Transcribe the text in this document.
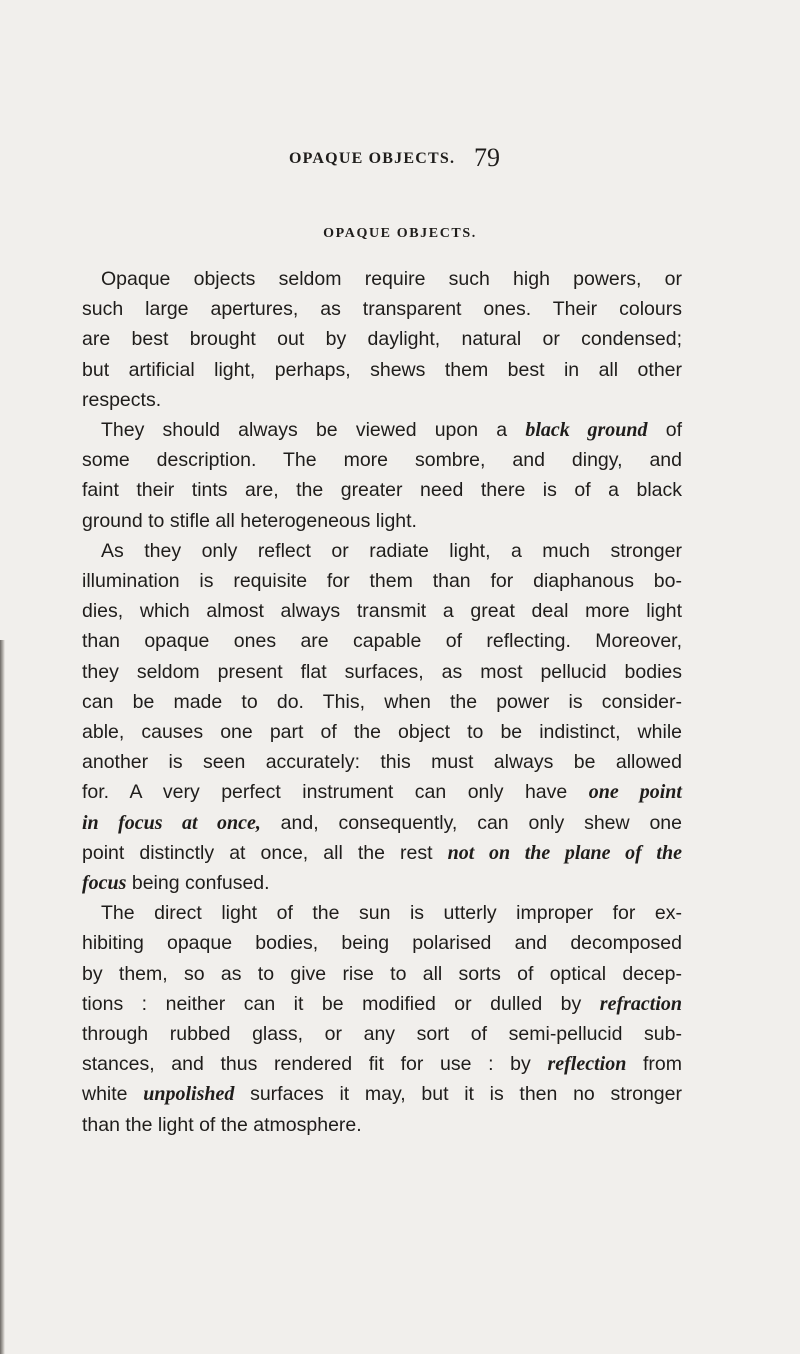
OPAQUE OBJECTS. 79
OPAQUE OBJECTS.
Opaque objects seldom require such high powers, or
such large apertures, as transparent ones. Their colours
are best brought out by daylight, natural or condensed;
but artificial light, perhaps, shews them best in all other
respects.
They should always be viewed upon a black ground of
some description. The more sombre, and dingy, and
faint their tints are, the greater need there is of a black
ground to stifle all heterogeneous light.
As they only reflect or radiate light, a much stronger
illumination is requisite for them than for diaphanous bo-
dies, which almost always transmit a great deal more light
than opaque ones are capable of reflecting. Moreover,
they seldom present flat surfaces, as most pellucid bodies
can be made to do. This, when the power is consider-
able, causes one part of the object to be indistinct, while
another is seen accurately: this must always be allowed
for. A very perfect instrument can only have one point
in focus at once, and, consequently, can only shew one
point distinctly at once, all the rest not on the plane of the
focus being confused.
The direct light of the sun is utterly improper for ex-
hibiting opaque bodies, being polarised and decomposed
by them, so as to give rise to all sorts of optical decep-
tions : neither can it be modified or dulled by refraction
through rubbed glass, or any sort of semi-pellucid sub-
stances, and thus rendered fit for use : by reflection from
white unpolished surfaces it may, but it is then no stronger
than the light of the atmosphere.
